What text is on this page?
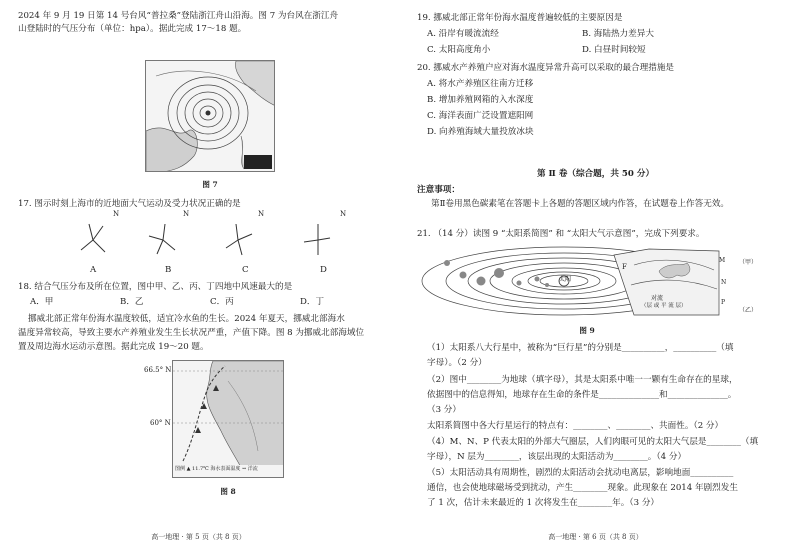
2024 年 9 月 19 日第 14 号台风“普拉桑”登陆浙江舟山沿海。图 7 为台风在浙江舟
山登陆时的气压分布（单位：hpa）。据此完成 17～18 题。
图 7
17. 图示时刻上海市的近地面大气运动及受力状况正确的是
N	N	N	N
A	B	C	D
18. 结合气压分布及所在位置，图中甲、乙、丙、丁四地中风速最大的是
A．甲	B．乙	C．丙	D．丁
挪威北部正常年份海水温度较低，适宜冷水鱼的生长。2024 年夏天，挪威北部海水
温度异常较高，导致主要水产养殖业发生生长状况严重，产值下降。图 8 为挪威北部海域位
置及周边海水运动示意图。据此完成 19～20 题。
图例 ▲ 11.7℃ 海水表面温度 ⇝ 洋流
66.5° N
60° N
图 8
高一地理 · 第 5 页（共 8 页）
19. 挪威北部正常年份海水温度普遍较低的主要原因是
A. 沿岸有暖流流经	B. 海陆热力差异大
C. 太阳高度角小	D. 白昼时间较短
20. 挪威水产养殖户应对海水温度异常升高可以采取的最合理措施是
A. 将水产养殖区往南方迁移
B. 增加养殖网箱的入水深度
C. 海洋表面广泛设置遮阳网
D. 向养殖海域大量投放冰块
第 Ⅱ 卷（综合题，共 50 分）
注意事项：
第Ⅱ卷用黑色碳素笔在答题卡上各题的答题区域内作答，在试题卷上作答无效。
21. （14 分）读图 9 “太阳系简图” 和 “太阳大气示意图”，完成下列要求。
太阳
F
M
N
P
对流
（层 或 平 流 层）
（甲）
（乙）
图 9
（1）太阳系八大行星中，被称为“巨行星”的分别是__________，__________（填
字母）。（2 分）
（2）图中________为地球（填字母），其是太阳系中唯一一颗有生命存在的星球，
依据图中的信息得知，地球存在生命的条件是______________和______________。
（3 分）
太阳系简图中各大行星运行的特点有：________、________、共面性。（2 分）
（4）M、N、P 代表太阳的外部大气圈层，人们肉眼可见的太阳大气层是________（填
字母），N 层为________，该层出现的太阳活动为________。（4 分）
（5）太阳活动具有周期性，剧烈的太阳活动会扰动电离层，影响地面__________
通信，也会使地球磁场受到扰动，产生________现象。此现象在 2014 年剧烈发生
了 1 次，估计未来最近的 1 次将发生在________年。（3 分）
高一地理 · 第 6 页（共 8 页）
